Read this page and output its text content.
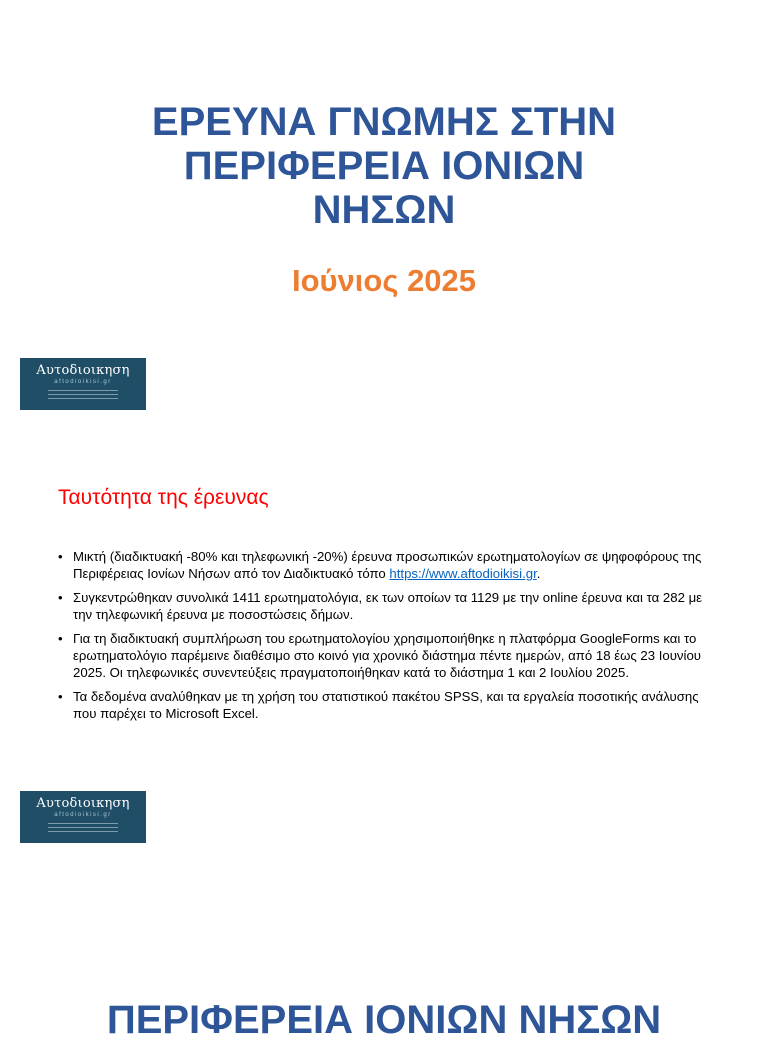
ΕΡΕΥΝΑ ΓΝΩΜΗΣ ΣΤΗΝ
ΠΕΡΙΦΕΡΕΙΑ ΙΟΝΙΩΝ
ΝΗΣΩΝ
Ιούνιος 2025
Αυτοδιοικηση
aftodioikisi.gr
Ταυτότητα της έρευνας
• Μικτή (διαδικτυακή -80% και τηλεφωνική -20%) έρευνα προσωπικών ερωτηματολογίων σε ψηφοφόρους της Περιφέρειας Ιονίων Νήσων από τον Διαδικτυακό τόπο https://www.aftodioikisi.gr.
• Συγκεντρώθηκαν συνολικά 1411 ερωτηματολόγια, εκ των οποίων τα 1129 με την online έρευνα και τα 282 με την τηλεφωνική έρευνα με ποσοστώσεις δήμων.
• Για τη διαδικτυακή συμπλήρωση του ερωτηματολογίου χρησιμοποιήθηκε η πλατφόρμα GoogleForms και το ερωτηματολόγιο παρέμεινε διαθέσιμο στο κοινό για χρονικό διάστημα πέντε ημερών, από 18 έως 23 Ιουνίου 2025. Οι τηλεφωνικές συνεντεύξεις πραγματοποιήθηκαν κατά το διάστημα 1 και 2 Ιουλίου 2025.
• Τα δεδομένα αναλύθηκαν με τη χρήση του στατιστικού πακέτου SPSS, και τα εργαλεία ποσοτικής ανάλυσης που παρέχει το Microsoft Excel.
Αυτοδιοικηση
aftodioikisi.gr
ΠΕΡΙΦΕΡΕΙΑ ΙΟΝΙΩΝ ΝΗΣΩΝ
